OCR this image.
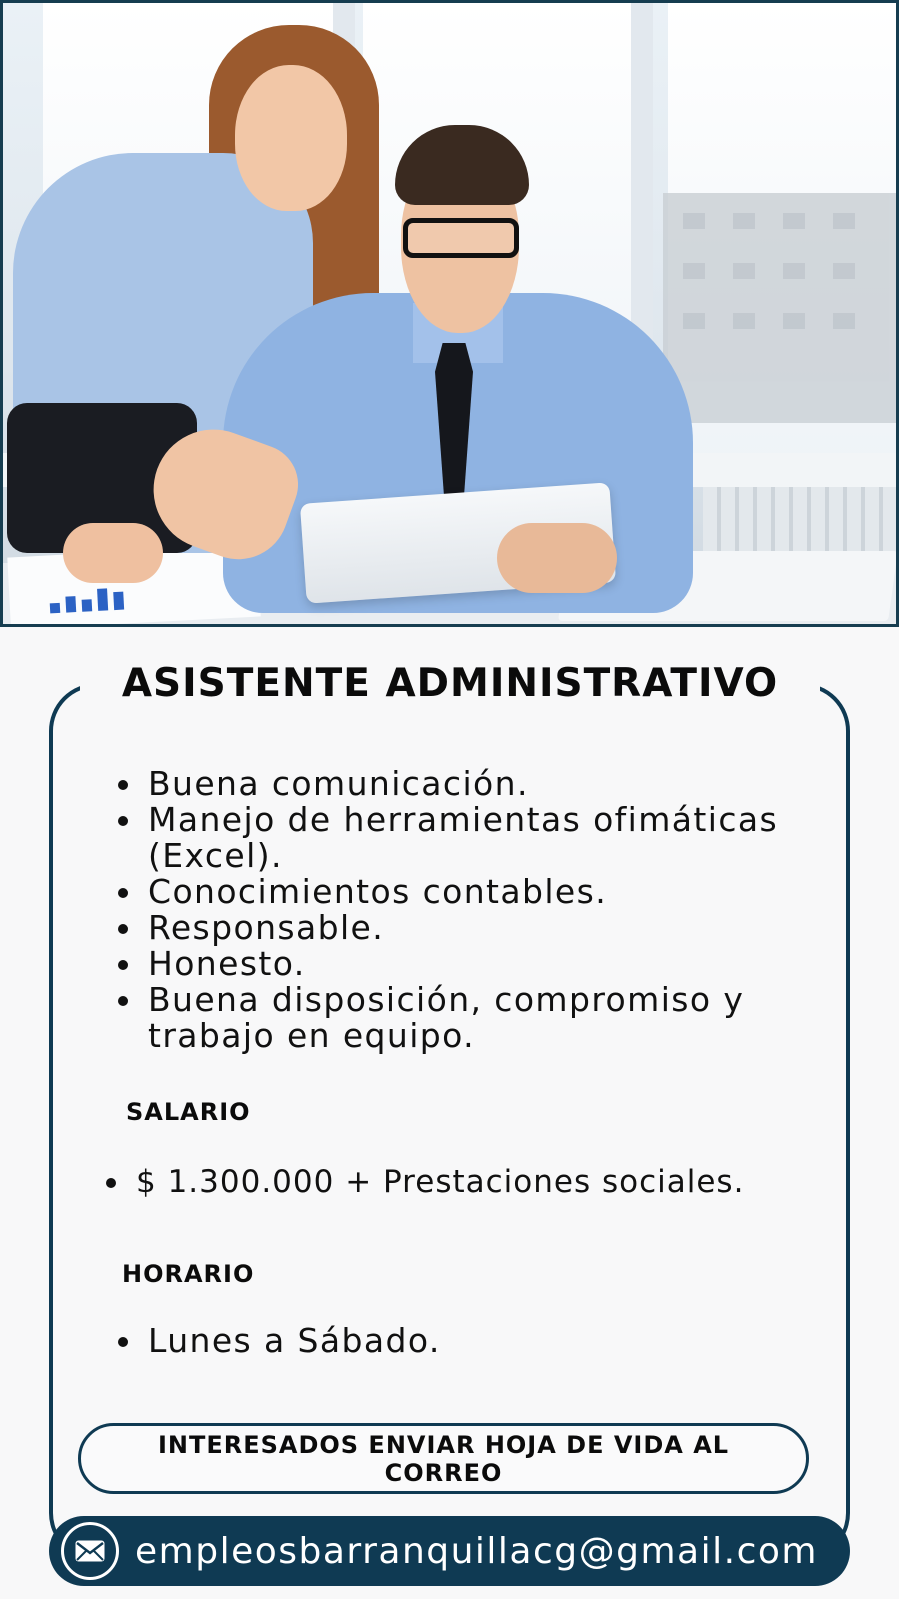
ASISTENTE ADMINISTRATIVO
Buena comunicación.
Manejo de herramientas ofimáticas (Excel).
Conocimientos contables.
Responsable.
Honesto.
Buena disposición, compromiso y trabajo en equipo.
SALARIO
$ 1.300.000 + Prestaciones sociales.
HORARIO
Lunes a Sábado.
INTERESADOS ENVIAR HOJA DE VIDA AL CORREO
empleosbarranquillacg@gmail.com
